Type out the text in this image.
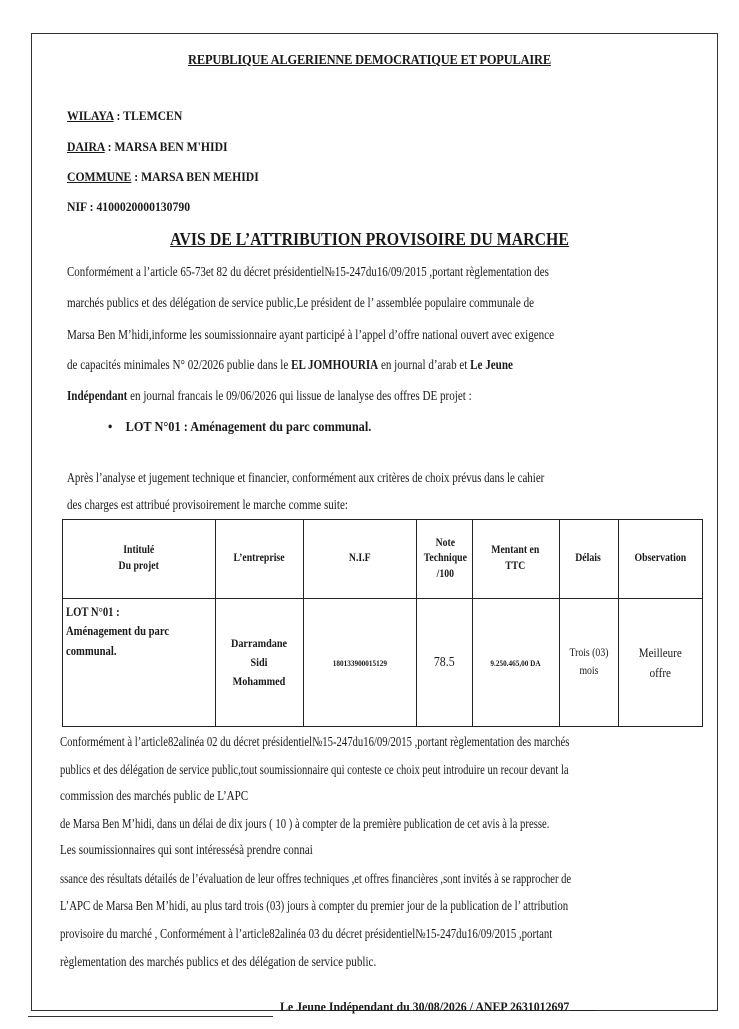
REPUBLIQUE ALGERIENNE DEMOCRATIQUE ET POPULAIRE
WILAYA : TLEMCEN
DAIRA : MARSA BEN M'HIDI
COMMUNE : MARSA BEN MEHIDI
NIF : 4100020000130790
AVIS DE L’ATTRIBUTION PROVISOIRE DU MARCHE
Conformément a l’article 65-73et 82 du décret présidentiel№15-247du16/09/2015 ,portant règlementation des
marchés publics et des délégation de service public,Le président de l’ assemblée populaire communale de
Marsa Ben M’hidi,informe les soumissionnaire ayant participé à l’appel d’offre national ouvert avec exigence
de capacités minimales N° 02/2026 publie dans le EL JOMHOURIA en journal d’arab et Le Jeune
Indépendant en journal francais le 09/06/2026 qui lissue de lanalyse des offres DE projet :
• LOT N°01 : Aménagement du parc communal.
Après l’analyse et jugement technique et financier, conformément aux critères de choix prévus dans le cahier
des charges est attribué provisoirement le marche comme suite:
Intitulé
Du projet	L’entreprise	N.I.F	Note
Technique
/100	Mentant en
TTC	Délais	Observation
LOT N°01 :
Aménagement du parc
communal.	Darramdane
Sidi
Mohammed	180133900015129	78.5	9.250.465,00 DA	Trois (03)
mois	Meilleure
offre
Conformément à l’article82alinéa 02 du décret présidentiel№15-247du16/09/2015 ,portant règlementation des marchés
publics et des délégation de service public,tout soumissionnaire qui conteste ce choix peut introduire un recour devant la
commission des marchés public de L’APC
de Marsa Ben M’hidi, dans un délai de dix jours ( 10 ) à compter de la première publication de cet avis à la presse.
Les soumissionnaires qui sont intéressésà prendre connai
ssance des résultats détailés de l’évaluation de leur offres techniques ,et offres financières ,sont invités à se rapprocher de
L’APC de Marsa Ben M’hidi, au plus tard trois (03) jours à compter du premier jour de la publication de l’ attribution
provisoire du marché , Conformément à l’article82alinéa 03 du décret présidentiel№15-247du16/09/2015 ,portant
règlementation des marchés publics et des délégation de service public.
Le Jeune Indépendant du 30/08/2026 / ANEP 2631012697
